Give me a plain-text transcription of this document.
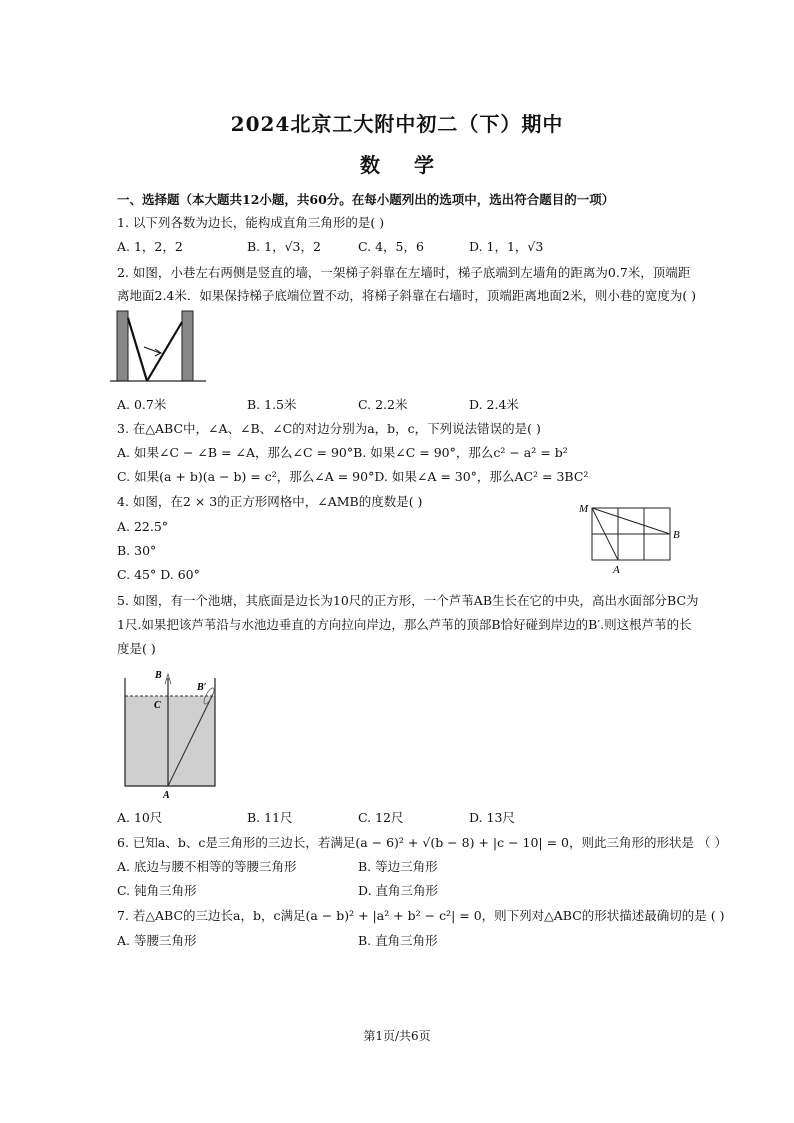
2024北京工大附中初二（下）期中
数学
一、选择题（本大题共12小题，共60分。在每小题列出的选项中，选出符合题目的一项）
1. 以下列各数为边长，能构成直角三角形的是( )
A. 1，2，2	B. 1，√3，2	C. 4，5，6	D. 1，1，√3
2. 如图，小巷左右两侧是竖直的墙，一架梯子斜靠在左墙时，梯子底端到左墙角的距离为0.7米，顶端距
离地面2.4米．如果保持梯子底端位置不动，将梯子斜靠在右墙时，顶端距离地面2米，则小巷的宽度为( )
A. 0.7米	B. 1.5米	C. 2.2米	D. 2.4米
3. 在△ABC中，∠A、∠B、∠C的对边分别为a，b，c，下列说法错误的是( )
A. 如果∠C − ∠B = ∠A，那么∠C = 90°B. 如果∠C = 90°，那么c² − a² = b²
C. 如果(a + b)(a − b) = c²，那么∠A = 90°D. 如果∠A = 30°，那么AC² = 3BC²
4. 如图，在2 × 3的正方形网格中，∠AMB的度数是( )
A. 22.5°
B. 30°
C. 45° D. 60°
M
B
A
5. 如图，有一个池塘，其底面是边长为10尺的正方形，一个芦苇AB生长在它的中央，高出水面部分BC为
1尺.如果把该芦苇沿与水池边垂直的方向拉向岸边，那么芦苇的顶部B恰好碰到岸边的B′.则这根芦苇的长
度是( )
B
B′
C
A
A. 10尺	B. 11尺	C. 12尺	D. 13尺
6. 已知a、b、c是三角形的三边长，若满足(a − 6)² + √(b − 8) + |c − 10| = 0，则此三角形的形状是 （ ）
A. 底边与腰不相等的等腰三角形	B. 等边三角形
C. 钝角三角形	D. 直角三角形
7. 若△ABC的三边长a，b，c满足(a − b)² + |a² + b² − c²| = 0，则下列对△ABC的形状描述最确切的是 ( )
A. 等腰三角形	B. 直角三角形
第1页/共6页
